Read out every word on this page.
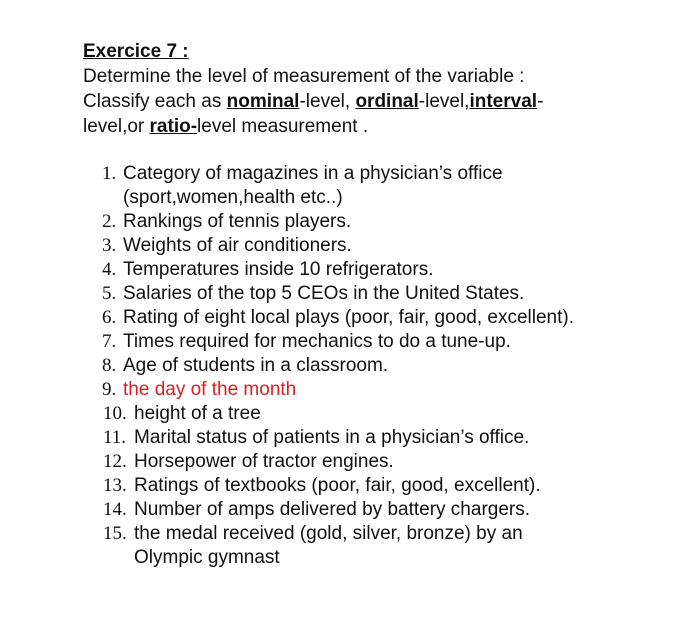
Exercice 7 :

Determine the level of measurement of the variable :
Classify each as nominal-level, ordinal-level,interval-
level,or ratio-level measurement .

1. Category of magazines in a physician’s office
(sport,women,health etc..)
2. Rankings of tennis players.
3. Weights of air conditioners.
4. Temperatures inside 10 refrigerators.
5. Salaries of the top 5 CEOs in the United States.
6. Rating of eight local plays (poor, fair, good, excellent).
7. Times required for mechanics to do a tune-up.
8. Age of students in a classroom.
9. the day of the month
10. height of a tree
11. Marital status of patients in a physician’s office.
12. Horsepower of tractor engines.
13. Ratings of textbooks (poor, fair, good, excellent).
14. Number of amps delivered by battery chargers.
15. the medal received (gold, silver, bronze) by an
Olympic gymnast
